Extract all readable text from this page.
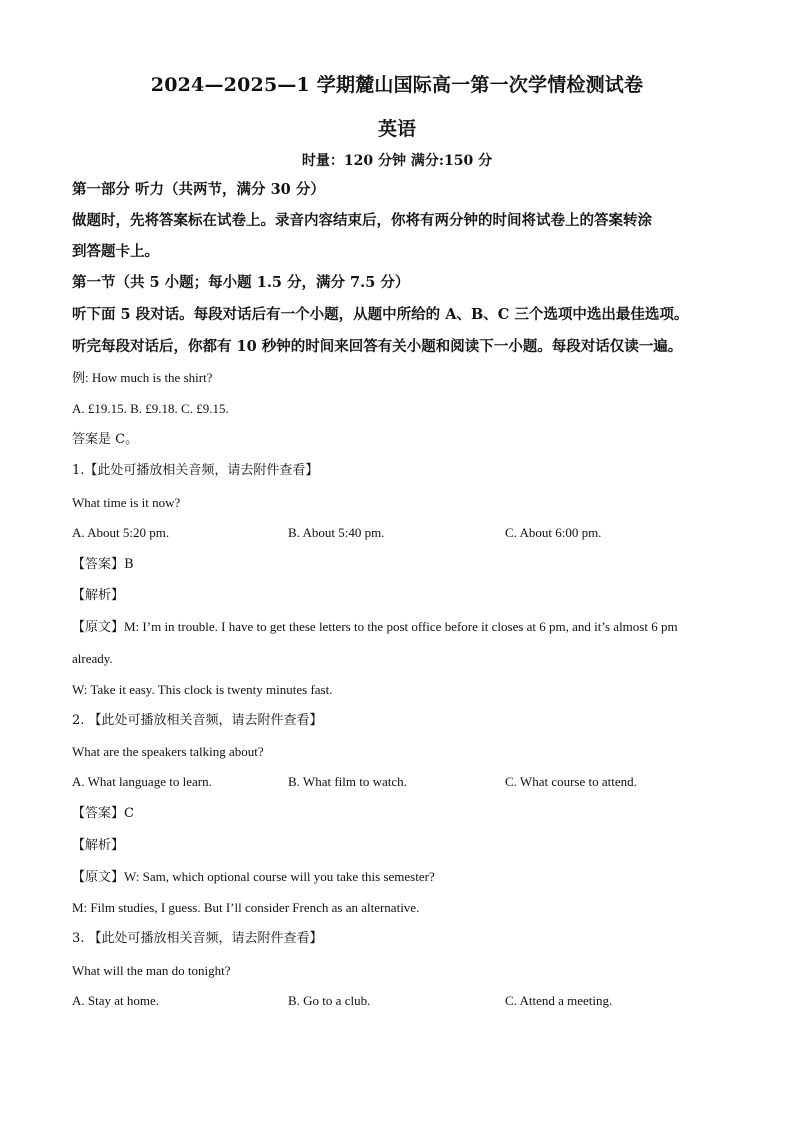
2024—2025—1 学期麓山国际高一第一次学情检测试卷
英语
时量：120 分钟 满分:150 分
第一部分 听力（共两节，满分 30 分）
做题时，先将答案标在试卷上。录音内容结束后，你将有两分钟的时间将试卷上的答案转涂
到答题卡上。
第一节（共 5 小题；每小题 1.5 分，满分 7.5 分）
听下面 5 段对话。每段对话后有一个小题，从题中所给的 A、B、C 三个选项中选出最佳选项。
听完每段对话后，你都有 10 秒钟的时间来回答有关小题和阅读下一小题。每段对话仅读一遍。
例: How much is the shirt?
A. £19.15. B. £9.18. C. £9.15.
答案是 C。
1.【此处可播放相关音频，请去附件查看】
What time is it now?
A. About 5:20 pm.	B. About 5:40 pm.	C. About 6:00 pm.
【答案】B
【解析】
【原文】M: I’m in trouble. I have to get these letters to the post office before it closes at 6 pm, and it’s almost 6 pm
already.
W: Take it easy. This clock is twenty minutes fast.
2. 【此处可播放相关音频，请去附件查看】
What are the speakers talking about?
A. What language to learn.	B. What film to watch.	C. What course to attend.
【答案】C
【解析】
【原文】W: Sam, which optional course will you take this semester?
M: Film studies, I guess. But I’ll consider French as an alternative.
3. 【此处可播放相关音频，请去附件查看】
What will the man do tonight?
A. Stay at home.	B. Go to a club.	C. Attend a meeting.
